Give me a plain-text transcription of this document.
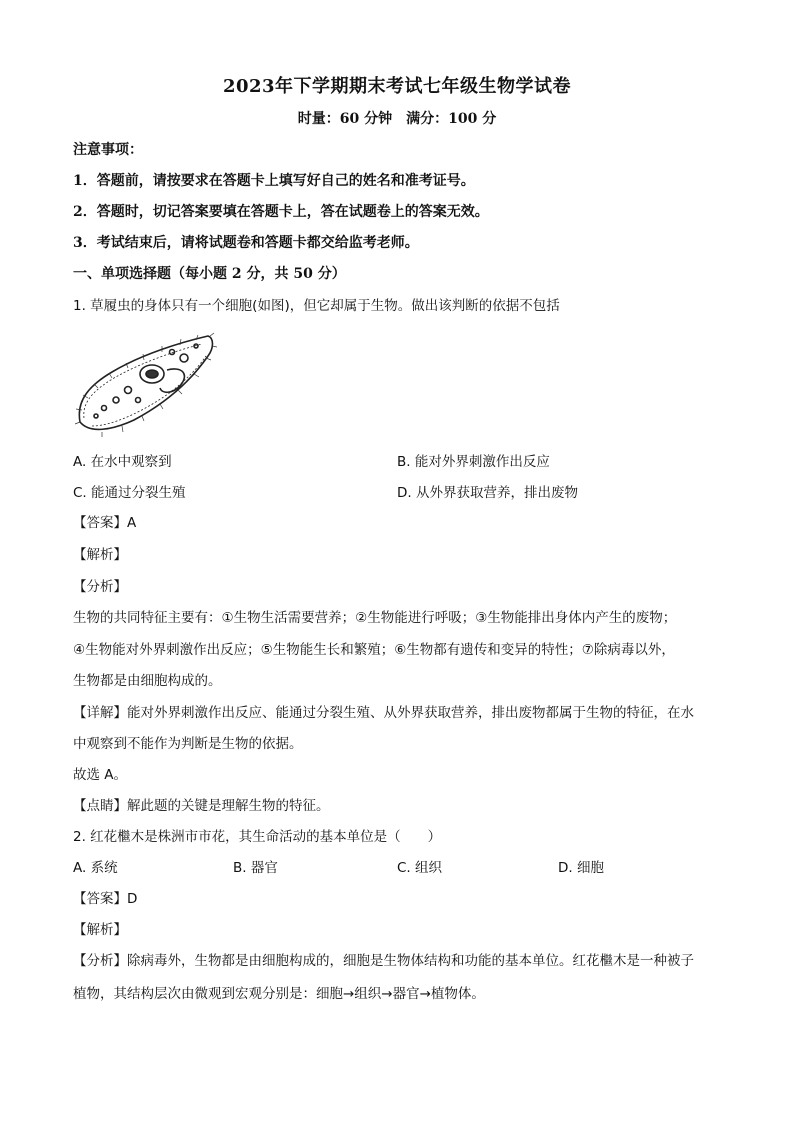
2023年下学期期末考试七年级生物学试卷
时量：60 分钟　满分：100 分
注意事项：
1．答题前，请按要求在答题卡上填写好自己的姓名和准考证号。
2．答题时，切记答案要填在答题卡上，答在试题卷上的答案无效。
3．考试结束后，请将试题卷和答题卡都交给监考老师。
一、单项选择题（每小题 2 分，共 50 分）
1. 草履虫的身体只有一个细胞(如图)，但它却属于生物。做出该判断的依据不包括
A. 在水中观察到	B. 能对外界刺激作出反应
C. 能通过分裂生殖	D. 从外界获取营养，排出废物
【答案】A
【解析】
【分析】
生物的共同特征主要有：①生物生活需要营养；②生物能进行呼吸；③生物能排出身体内产生的废物；
④生物能对外界刺激作出反应；⑤生物能生长和繁殖；⑥生物都有遗传和变异的特性；⑦除病毒以外，
生物都是由细胞构成的。
【详解】能对外界刺激作出反应、能通过分裂生殖、从外界获取营养，排出废物都属于生物的特征，在水
中观察到不能作为判断是生物的依据。
故选 A。
【点睛】解此题的关键是理解生物的特征。
2. 红花檵木是株洲市市花，其生命活动的基本单位是（　　）
A. 系统	B. 器官	C. 组织	D. 细胞
【答案】D
【解析】
【分析】除病毒外，生物都是由细胞构成的，细胞是生物体结构和功能的基本单位。红花檵木是一种被子
植物，其结构层次由微观到宏观分别是：细胞→组织→器官→植物体。
